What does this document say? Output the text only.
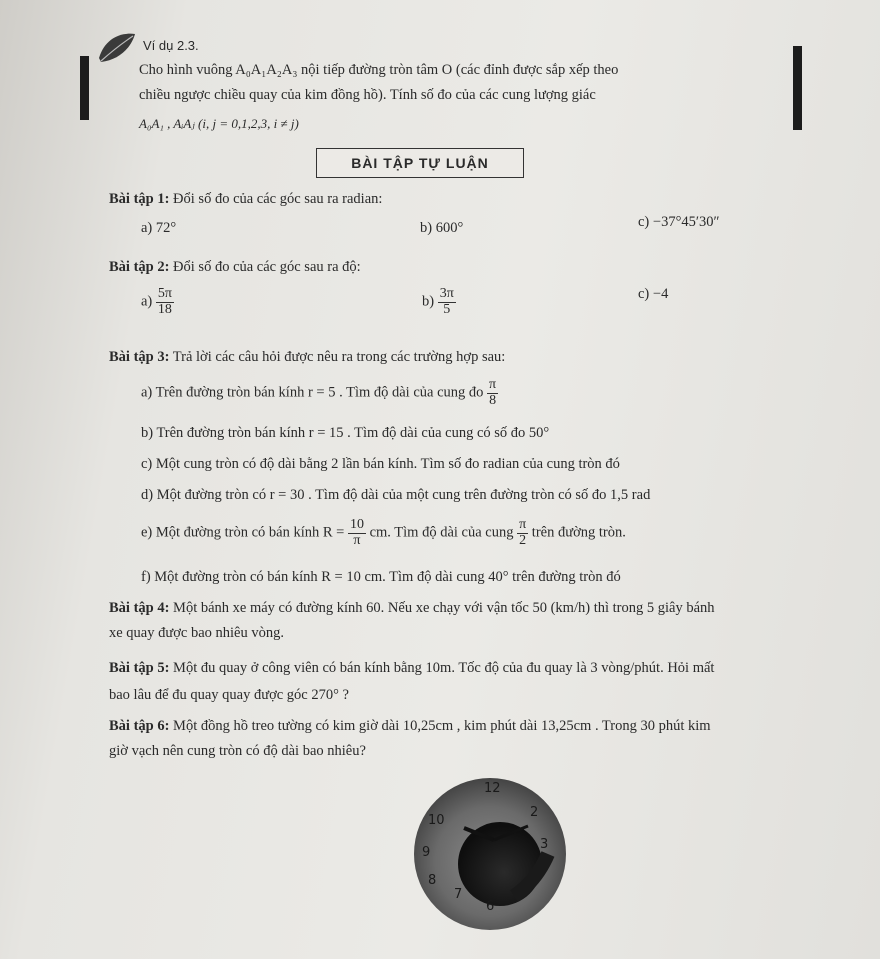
Ví dụ 2.3.
Cho hình vuông A₀A₁A₂A₃ nội tiếp đường tròn tâm O (các đỉnh được sắp xếp theo
chiều ngược chiều quay của kim đồng hồ). Tính số đo của các cung lượng giác
A₀A₁ , AᵢAⱼ (i, j = 0,1,2,3, i ≠ j)
BÀI TẬP TỰ LUẬN
Bài tập 1: Đổi số đo của các góc sau ra radian:
a) 72°	b) 600°	c) −37°45′30″
Bài tập 2: Đổi số đo của các góc sau ra độ:
$a) \frac{5\pi}{18}$	$b) \frac{3\pi}{5}$	c) −4
Bài tập 3: Trả lời các câu hỏi được nêu ra trong các trường hợp sau:
a) Trên đường tròn bán kính r = 5 . Tìm độ dài của cung đo $\frac{\pi}{8}$
b) Trên đường tròn bán kính r = 15 . Tìm độ dài của cung có số đo 50°
c) Một cung tròn có độ dài bằng 2 lần bán kính. Tìm số đo radian của cung tròn đó
d) Một đường tròn có r = 30 . Tìm độ dài của một cung trên đường tròn có số đo 1,5 rad
e) Một đường tròn có bán kính $R = \frac{10}{\pi}$ cm. Tìm độ dài của cung $\frac{\pi}{2}$ trên đường tròn.
f) Một đường tròn có bán kính R = 10 cm. Tìm độ dài cung 40° trên đường tròn đó
Bài tập 4: Một bánh xe máy có đường kính 60. Nếu xe chạy với vận tốc 50 (km/h) thì trong 5 giây bánh
xe quay được bao nhiêu vòng.
Bài tập 5: Một đu quay ở công viên có bán kính bằng 10m. Tốc độ của đu quay là 3 vòng/phút. Hỏi mất
bao lâu để đu quay quay được góc 270° ?
Bài tập 6: Một đồng hồ treo tường có kim giờ dài 10,25cm , kim phút dài 13,25cm . Trong 30 phút kim
giờ vạch nên cung tròn có độ dài bao nhiêu?
12
2
3
10
9
8
7
6
